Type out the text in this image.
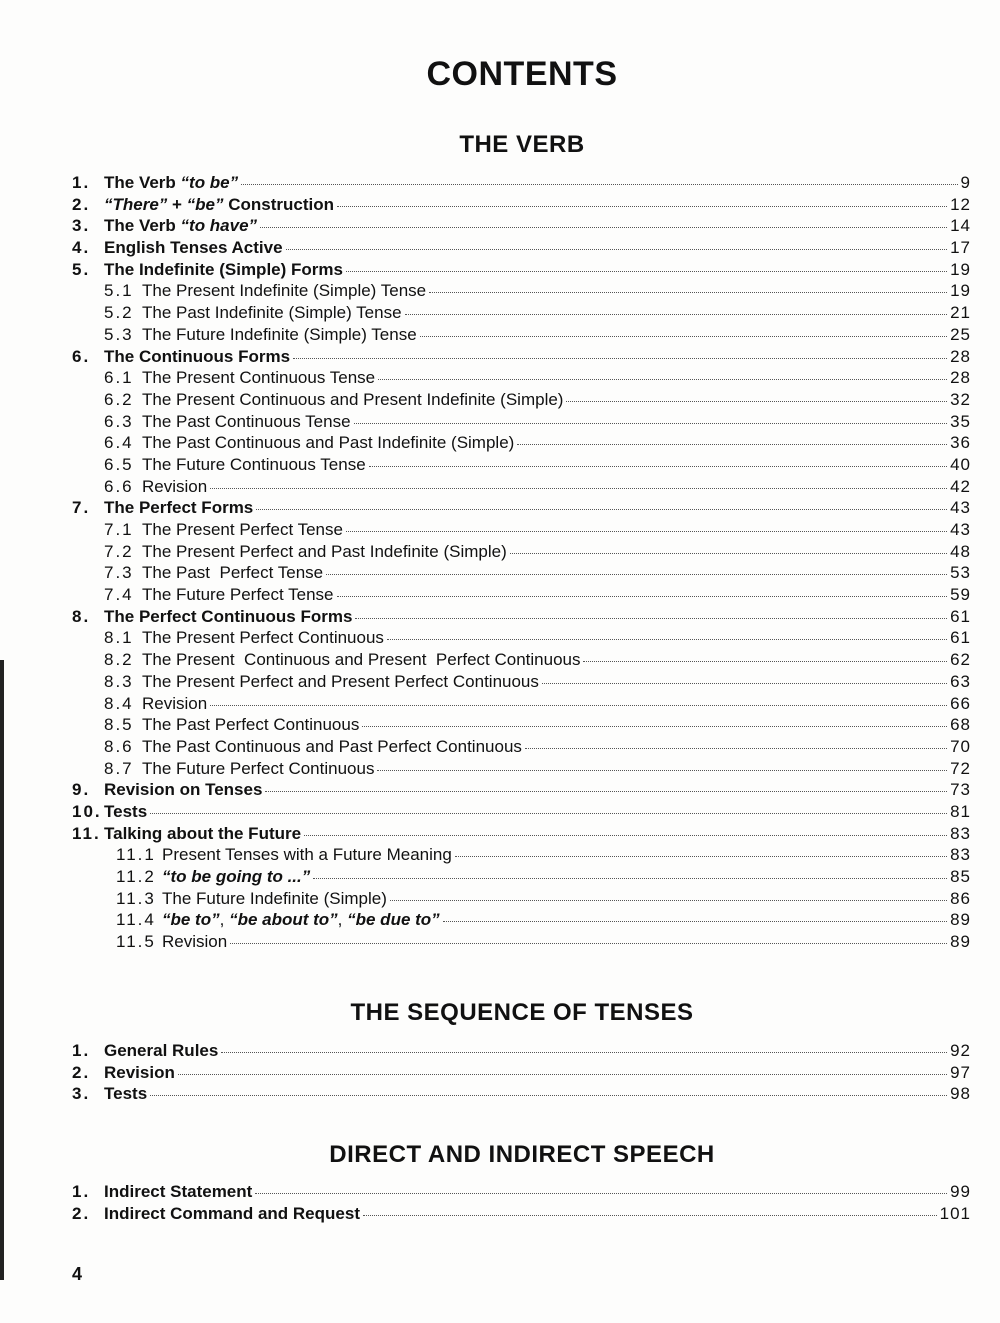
CONTENTS
THE VERB
1. The Verb “to be”	9
2. “There” + “be” Construction	12
3. The Verb “to have”	14
4. English Tenses Active	17
5. The Indefinite (Simple) Forms	19
5.1 The Present Indefinite (Simple) Tense	19
5.2 The Past Indefinite (Simple) Tense	21
5.3 The Future Indefinite (Simple) Tense	25
6. The Continuous Forms	28
6.1 The Present Continuous Tense	28
6.2 The Present Continuous and Present Indefinite (Simple)	32
6.3 The Past Continuous Tense	35
6.4 The Past Continuous and Past Indefinite (Simple)	36
6.5 The Future Continuous Tense	40
6.6 Revision	42
7. The Perfect Forms	43
7.1 The Present Perfect Tense	43
7.2 The Present Perfect and Past Indefinite (Simple)	48
7.3 The Past  Perfect Tense	53
7.4 The Future Perfect Tense	59
8. The Perfect Continuous Forms	61
8.1 The Present Perfect Continuous	61
8.2 The Present  Continuous and Present  Perfect Continuous	62
8.3 The Present Perfect and Present Perfect Continuous	63
8.4 Revision	66
8.5 The Past Perfect Continuous	68
8.6 The Past Continuous and Past Perfect Continuous	70
8.7 The Future Perfect Continuous	72
9. Revision on Tenses	73
10. Tests	81
11. Talking about the Future	83
11.1 Present Tenses with a Future Meaning	83
11.2 “to be going to ...”	85
11.3 The Future Indefinite (Simple)	86
11.4 “be to”, “be about to”, “be due to”	89
11.5 Revision	89
THE SEQUENCE OF TENSES
1. General Rules	92
2. Revision	97
3. Tests	98
DIRECT AND INDIRECT SPEECH
1. Indirect Statement	99
2. Indirect Command and Request	101
4
